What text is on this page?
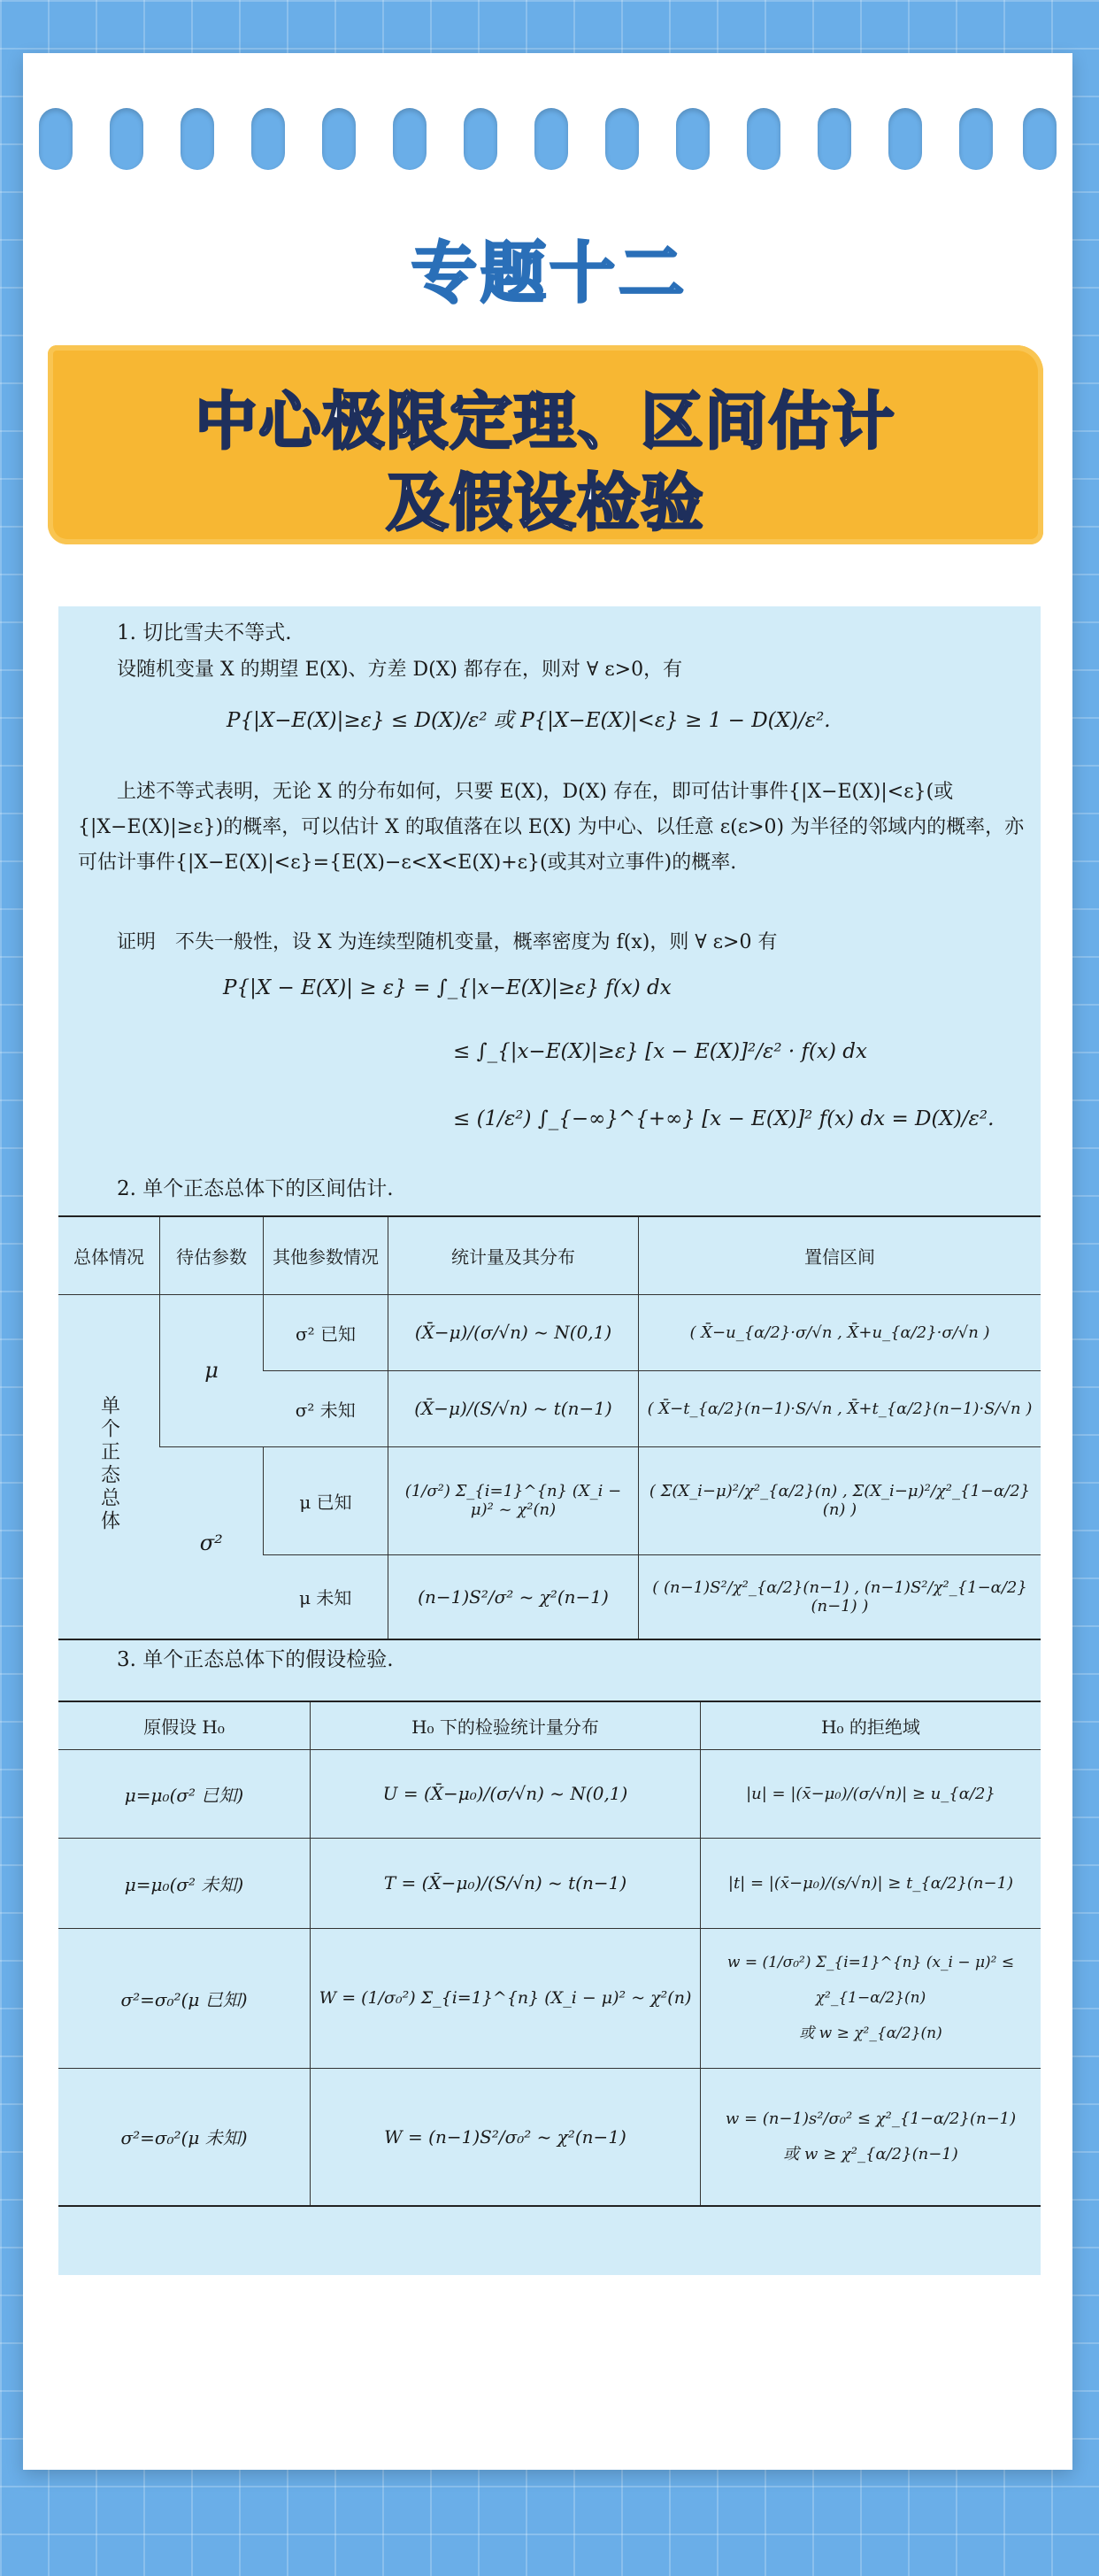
专题十二
中心极限定理、区间估计
及假设检验
1. 切比雪夫不等式.
设随机变量 X 的期望 E(X)、方差 D(X) 都存在，则对 ∀ ε>0，有
P{|X−E(X)|≥ε} ≤ D(X)/ε² 或 P{|X−E(X)|<ε} ≥ 1 − D(X)/ε².
上述不等式表明，无论 X 的分布如何，只要 E(X)，D(X) 存在，即可估计事件{|X−E(X)|<ε}(或{|X−E(X)|≥ε})的概率，可以估计 X 的取值落在以 E(X) 为中心、以任意 ε(ε>0) 为半径的邻域内的概率，亦可估计事件{|X−E(X)|<ε}={E(X)−ε<X<E(X)+ε}(或其对立事件)的概率.
证明　不失一般性，设 X 为连续型随机变量，概率密度为 f(x)，则 ∀ ε>0 有
P{|X − E(X)| ≥ ε} = ∫_{|x−E(X)|≥ε} f(x) dx
≤ ∫_{|x−E(X)|≥ε} [x − E(X)]²/ε² · f(x) dx
≤ (1/ε²) ∫_{−∞}^{+∞} [x − E(X)]² f(x) dx = D(X)/ε².
2. 单个正态总体下的区间估计.
总体情况	待估参数	其他参数情况	统计量及其分布	置信区间
单个正态总体	μ	σ² 已知	(X̄−μ)/(σ/√n) ~ N(0,1)	( X̄−u_{α/2}·σ/√n , X̄+u_{α/2}·σ/√n )
		σ² 未知	(X̄−μ)/(S/√n) ~ t(n−1)	( X̄−t_{α/2}(n−1)·S/√n , X̄+t_{α/2}(n−1)·S/√n )
	σ²	μ 已知	(1/σ²) Σ_{i=1}^{n} (X_i − μ)² ~ χ²(n)	( Σ(X_i−μ)²/χ²_{α/2}(n) , Σ(X_i−μ)²/χ²_{1−α/2}(n) )
		μ 未知	(n−1)S²/σ² ~ χ²(n−1)	( (n−1)S²/χ²_{α/2}(n−1) , (n−1)S²/χ²_{1−α/2}(n−1) )
3. 单个正态总体下的假设检验.
原假设 H₀	H₀ 下的检验统计量分布	H₀ 的拒绝域
μ=μ₀(σ² 已知)	U = (X̄−μ₀)/(σ/√n) ~ N(0,1)	|u| = |(x̄−μ₀)/(σ/√n)| ≥ u_{α/2}
μ=μ₀(σ² 未知)	T = (X̄−μ₀)/(S/√n) ~ t(n−1)	|t| = |(x̄−μ₀)/(s/√n)| ≥ t_{α/2}(n−1)
σ²=σ₀²(μ 已知)	W = (1/σ₀²) Σ_{i=1}^{n} (X_i − μ)² ~ χ²(n)	w = (1/σ₀²) Σ_{i=1}^{n} (x_i − μ)² ≤ χ²_{1−α/2}(n)
或 w ≥ χ²_{α/2}(n)

σ²=σ₀²(μ 未知)	W = (n−1)S²/σ₀² ~ χ²(n−1)	w = (n−1)s²/σ₀² ≤ χ²_{1−α/2}(n−1)
或 w ≥ χ²_{α/2}(n−1)
